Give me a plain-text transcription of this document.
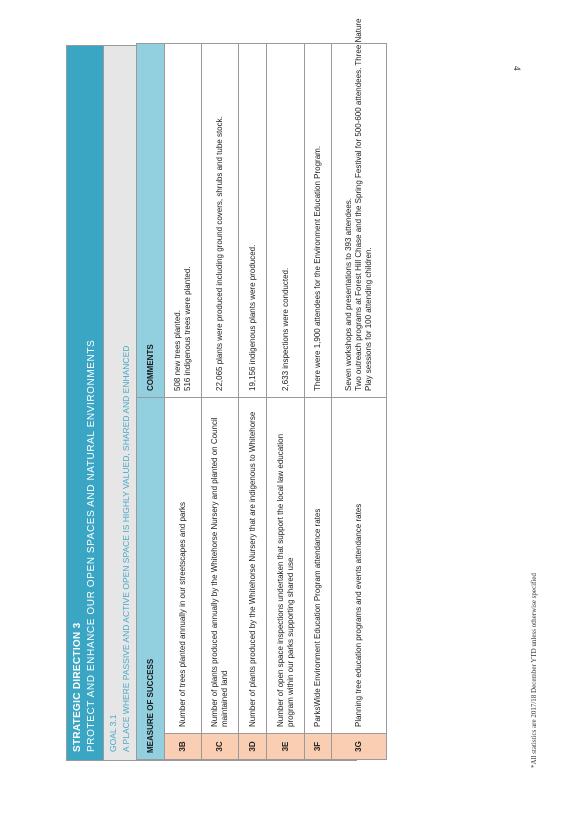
STRATEGIC DIRECTION 3 PROTECT AND ENHANCE OUR OPEN SPACES AND NATURAL ENVIRONMENTS GOAL 3.1 A PLACE WHERE PASSIVE AND ACTIVE OPEN SPACE IS HIGHLY VALUED, SHARED AND ENHANCED MEASURE OF SUCCESS		COMMENTS
3B	Number of trees planted annually in our streetscapes and parks	508 new trees planted. 516 indigenous trees were planted.

3C	Number of plants produced annually by the Whitehorse Nursery and planted on Council maintained land	22,065 plants were produced including ground covers, shrubs and tube stock.

3D	Number of plants produced by the Whitehorse Nursery that are indigenous to Whitehorse	19,156 indigenous plants were produced.

3E	Number of open space inspections undertaken that support the local law education program within our parks supporting shared use	2,633 inspections were conducted.

3F	ParksWide Environment Education Program attendance rates	There were 1,900 attendees for the Environment Education Program.

3G	Planning tree education programs and events attendance rates	Seven workshops and presentations to 393 attendees. Two outreach programs at Forest Hill Chase and the Spring Festival for 500-600 attendees. Three Nature Play sessions for 100 attending children.
4
*All statistics are 2017/18 December YTD unless otherwise specified
